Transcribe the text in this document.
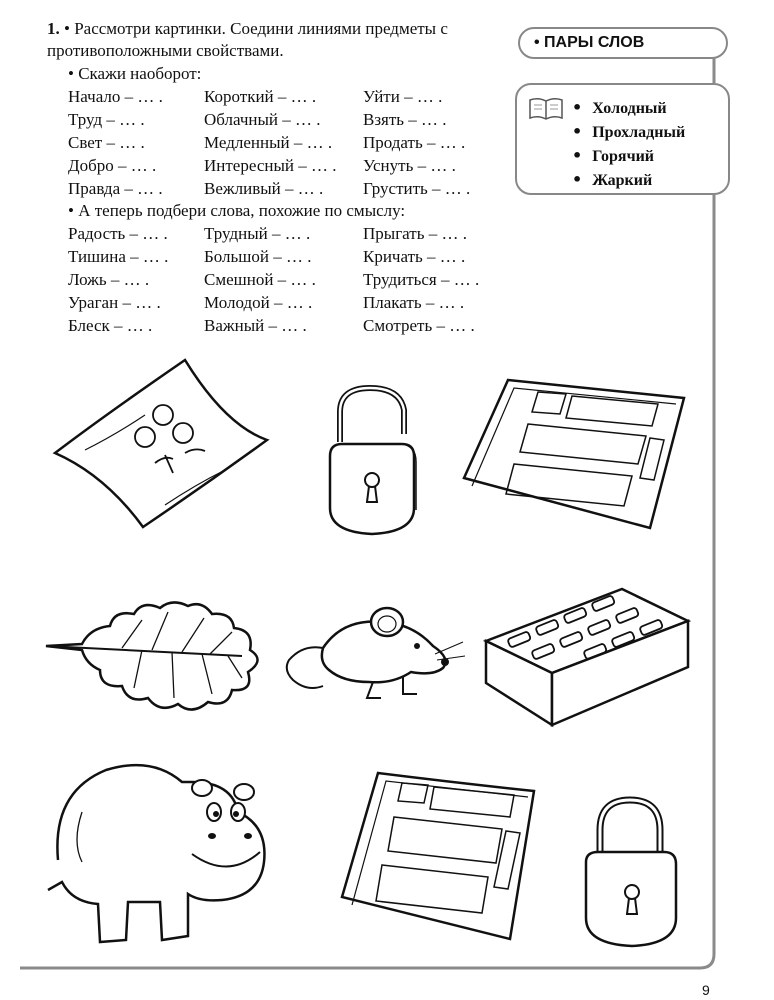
1. • Рассмотри картинки. Соедини линиями предметы с противоположными свойствами.
• Скажи наоборот:
Начало – … .
Труд – … .
Свет – … .
Добро – … .
Правда – … .
Короткий – … .
Облачный – … .
Медленный – … .
Интересный – … .
Вежливый – … .
Уйти – … .
Взять – … .
Продать – … .
Уснуть – … .
Грустить – … .
• А теперь подбери слова, похожие по смыслу:
Радость – … .
Тишина – … .
Ложь – … .
Ураган – … .
Блеск – … .
Трудный – … .
Большой – … .
Смешной – … .
Молодой – … .
Важный – … .
Прыгать – … .
Кричать – … .
Трудиться – … .
Плакать – … .
Смотреть – … .
• ПАРЫ СЛОВ
• Холодный
• Прохладный
• Горячий
• Жаркий
9
